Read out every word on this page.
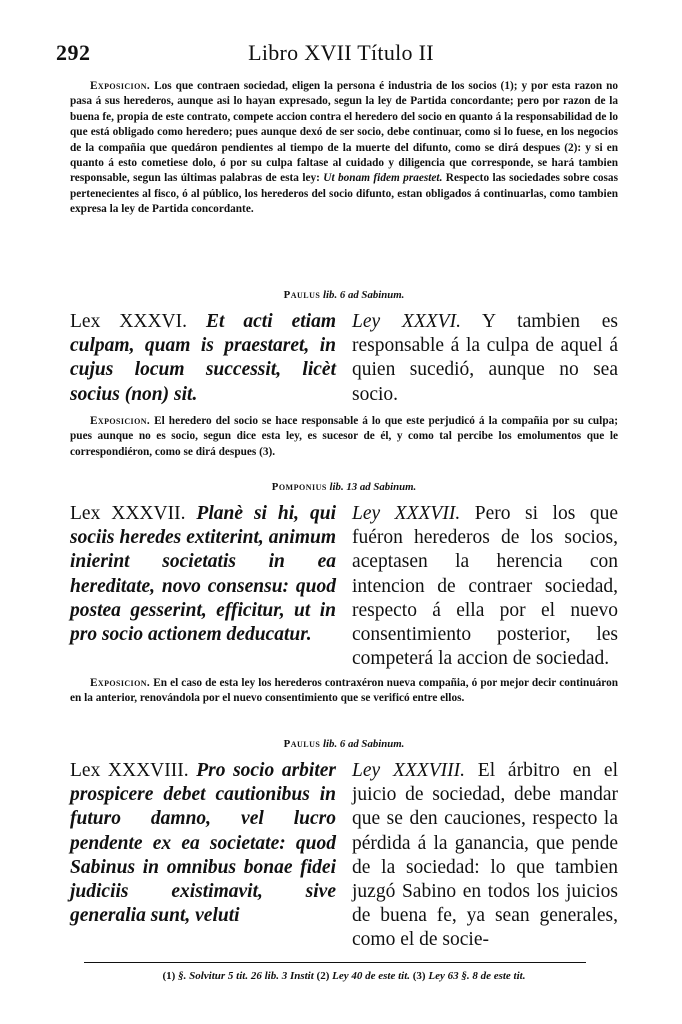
292	Libro XVII Título II
Exposicion. Los que contraen sociedad, eligen la persona é industria de los socios (1); y por esta razon no pasa á sus herederos, aunque asi lo hayan expresado, segun la ley de Partida concordante; pero por razon de la buena fe, propia de este contrato, compete accion contra el heredero del socio en quanto á la responsabilidad de lo que está obligado como heredero; pues aunque dexó de ser socio, debe continuar, como si lo fuese, en los negocios de la compañia que quedáron pendientes al tiempo de la muerte del difunto, como se dirá despues (2): y si en quanto á esto cometiese dolo, ó por su culpa faltase al cuidado y diligencia que corresponde, se hará tambien responsable, segun las últimas palabras de esta ley: Ut bonam fidem praestet. Respecto las sociedades sobre cosas pertenecientes al fisco, ó al público, los herederos del socio difunto, estan obligados á continuarlas, como tambien expresa la ley de Partida concordante.
Paulus lib. 6 ad Sabinum.
Lex XXXVI. Et acti etiam culpam, quam is praestaret, in cujus locum successit, licèt socius (non) sit.
Ley XXXVI. Y tambien es responsable á la culpa de aquel á quien sucedió, aunque no sea socio.
Exposicion. El heredero del socio se hace responsable á lo que este perjudicó á la compañia por su culpa; pues aunque no es socio, segun dice esta ley, es sucesor de él, y como tal percibe los emolumentos que le correspondiéron, como se dirá despues (3).
Pomponius lib. 13 ad Sabinum.
Lex XXXVII. Planè si hi, qui sociis heredes extiterint, animum inierint societatis in ea hereditate, novo consensu: quod postea gesserint, efficitur, ut in pro socio actionem deducatur.
Ley XXXVII. Pero si los que fuéron herederos de los socios, aceptasen la herencia con intencion de contraer sociedad, respecto á ella por el nuevo consentimiento posterior, les competerá la accion de sociedad.
Exposicion. En el caso de esta ley los herederos contraxéron nueva compañia, ó por mejor decir continuáron en la anterior, renovándola por el nuevo consentimiento que se verificó entre ellos.
Paulus lib. 6 ad Sabinum.
Lex XXXVIII. Pro socio arbiter prospicere debet cautionibus in futuro damno, vel lucro pendente ex ea societate: quod Sabinus in omnibus bonae fidei judiciis existimavit, sive generalia sunt, veluti
Ley XXXVIII. El árbitro en el juicio de sociedad, debe mandar que se den cauciones, respecto la pérdida á la ganancia, que pende de la sociedad: lo que tambien juzgó Sabino en todos los juicios de buena fe, ya sean generales, como el de socie-
(1) §. Solvitur 5 tit. 26 lib. 3 Instit (2) Ley 40 de este tit. (3) Ley 63 §. 8 de este tit.
